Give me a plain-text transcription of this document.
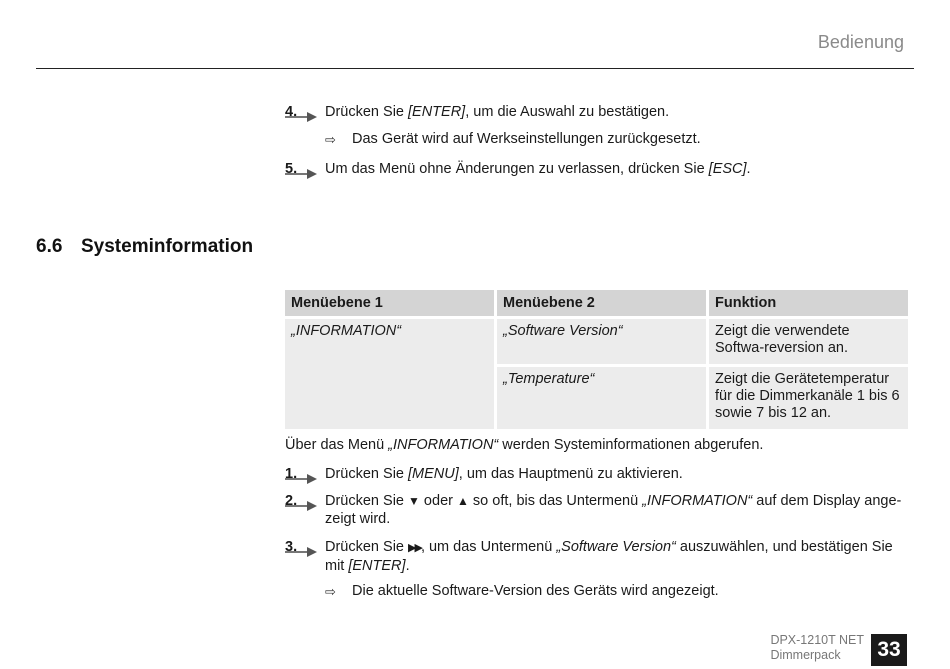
Bedienung
4. Drücken Sie [ENTER], um die Auswahl zu bestätigen.
⇨ Das Gerät wird auf Werkseinstellungen zurückgesetzt.
5. Um das Menü ohne Änderungen zu verlassen, drücken Sie [ESC].
6.6 Systeminformation
Menüebene 1	Menüebene 2	Funktion
„INFORMATION“	„Software Version“	Zeigt die verwendete Softwa-reversion an.
	„Temperature“	Zeigt die Gerätetemperatur für die Dimmerkanäle 1 bis 6 sowie 7 bis 12 an.
Über das Menü „INFORMATION“ werden Systeminformationen abgerufen.
1. Drücken Sie [MENU], um das Hauptmenü zu aktivieren.
2. Drücken Sie ▼ oder ▲ so oft, bis das Untermenü „INFORMATION“ auf dem Display ange-zeigt wird.
3. Drücken Sie ▶▶, um das Untermenü „Software Version“ auszuwählen, und bestätigen Sie mit [ENTER].
⇨ Die aktuelle Software-Version des Geräts wird angezeigt.
DPX-1210T NET
Dimmerpack	33
